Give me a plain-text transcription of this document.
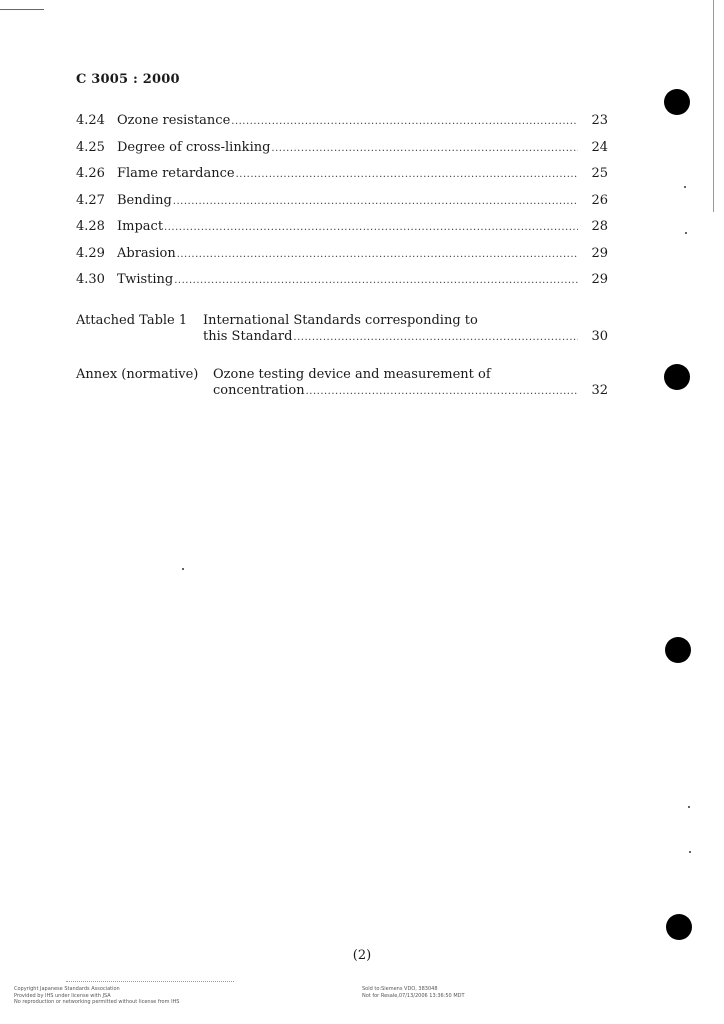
C 3005 : 2000
4.24 Ozone resistance .....	23
4.25 Degree of cross-linking .....	24
4.26 Flame retardance .....	25
4.27 Bending .....	26
4.28 Impact .....	28
4.29 Abrasion .....	29
4.30 Twisting .....	29
Attached Table 1 International Standards corresponding to
this Standard .....	30
Annex (normative) Ozone testing device and measurement of
concentration .....	32
(2)
Copyright Japanese Standards Association
Provided by IHS under license with JSA
No reproduction or networking permitted without license from IHS
Sold to:Siemens VDO, 383048
Not for Resale,07/13/2006 13:36:50 MDT
